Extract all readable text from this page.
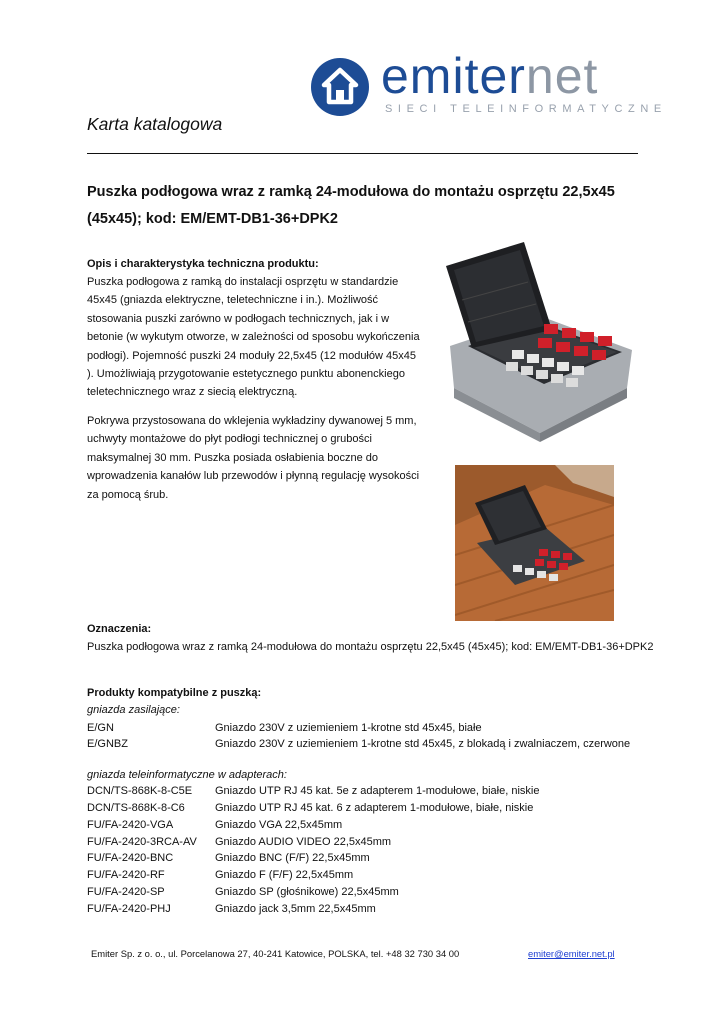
emiternet
SIECI TELEINFORMATYCZNE
Karta katalogowa
Puszka podłogowa wraz z ramką 24-modułowa do montażu osprzętu 22,5x45 (45x45); kod: EM/EMT-DB1-36+DPK2
Opis i charakterystyka techniczna produktu:

Puszka podłogowa z ramką do instalacji osprzętu w standardzie 45x45 (gniazda elektryczne, teletechniczne i in.). Możliwość stosowania puszki zarówno w podłogach technicznych, jak i w betonie (w wykutym otworze, w zależności od sposobu wykończenia podłogi). Pojemność puszki 24 moduły 22,5x45 (12 modułów 45x45 ). Umożliwiają przygotowanie estetycznego punktu abonenckiego teletechnicznego wraz z siecią elektryczną.

Pokrywa przystosowana do wklejenia wykładziny dywanowej 5 mm, uchwyty montażowe do płyt podłogi technicznej o grubości maksymalnej 30 mm. Puszka posiada osłabienia boczne do wprowadzenia kanałów lub przewodów i płynną regulację wysokości za pomocą śrub.

Oznaczenia:

Puszka podłogowa wraz z ramką 24-modułowa do montażu osprzętu 22,5x45 (45x45); kod: EM/EMT-DB1-36+DPK2

Produkty kompatybilne z puszką:
gniazda zasilające:
E/GN	Gniazdo 230V z uziemieniem 1-krotne std 45x45, białe
E/GNBZ	Gniazdo 230V z uziemieniem 1-krotne std 45x45, z blokadą i zwalniaczem, czerwone
gniazda teleinformatyczne w adapterach:
DCN/TS-868K-8-C5E Gniazdo UTP RJ 45 kat. 5e z adapterem 1-modułowe, białe, niskie
DCN/TS-868K-8-C6	Gniazdo UTP RJ 45 kat. 6 z adapterem 1-modułowe, białe, niskie
FU/FA-2420-VGA	Gniazdo VGA 22,5x45mm
FU/FA-2420-3RCA-AV Gniazdo AUDIO VIDEO 22,5x45mm
FU/FA-2420-BNC	Gniazdo BNC (F/F) 22,5x45mm
FU/FA-2420-RF	Gniazdo F (F/F) 22,5x45mm
FU/FA-2420-SP	Gniazdo SP (głośnikowe) 22,5x45mm
FU/FA-2420-PHJ	Gniazdo jack 3,5mm 22,5x45mm
Emiter Sp. z o. o., ul. Porcelanowa 27, 40-241 Katowice, POLSKA, tel. +48 32 730 34 00	emiter@emiter.net.pl
